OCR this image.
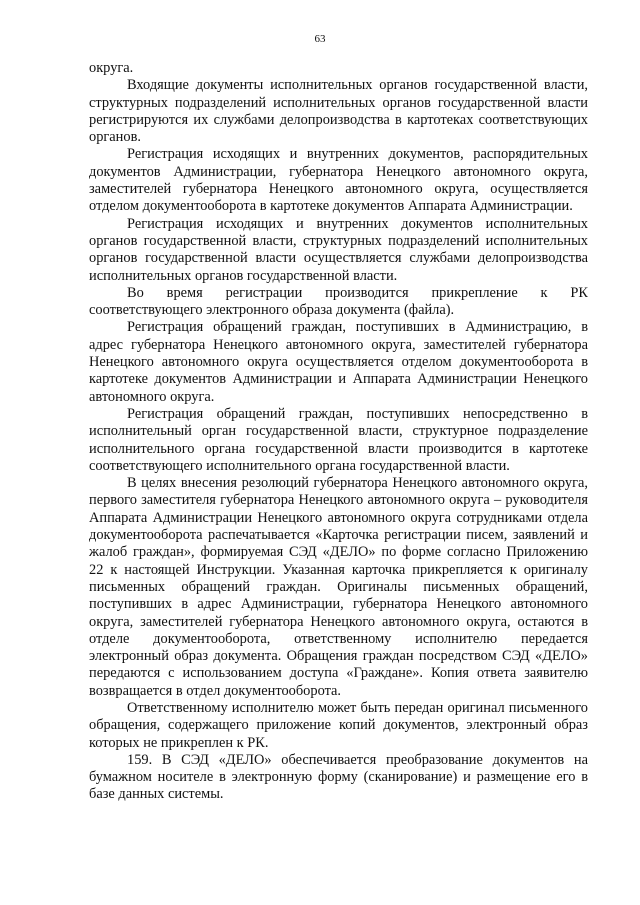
63

округа.

Входящие документы исполнительных органов государственной власти, структурных подразделений исполнительных органов государственной власти регистрируются их службами делопроизводства в картотеках соответствующих органов.

Регистрация исходящих и внутренних документов, распорядительных документов Администрации, губернатора Ненецкого автономного округа, заместителей губернатора Ненецкого автономного округа, осуществляется отделом документооборота в картотеке документов Аппарата Администрации.

Регистрация исходящих и внутренних документов исполнительных органов государственной власти, структурных подразделений исполнительных органов государственной власти осуществляется службами делопроизводства исполнительных органов государственной власти.

Во время регистрации производится прикрепление к РК соответствующего электронного образа документа (файла).

Регистрация обращений граждан, поступивших в Администрацию, в адрес губернатора Ненецкого автономного округа, заместителей губернатора Ненецкого автономного округа осуществляется отделом документооборота в картотеке документов Администрации и Аппарата Администрации Ненецкого автономного округа.

Регистрация обращений граждан, поступивших непосредственно в исполнительный орган государственной власти, структурное подразделение исполнительного органа государственной власти производится в картотеке соответствующего исполнительного органа государственной власти.

В целях внесения резолюций губернатора Ненецкого автономного округа, первого заместителя губернатора Ненецкого автономного округа – руководителя Аппарата Администрации Ненецкого автономного округа сотрудниками отдела документооборота распечатывается «Карточка регистрации писем, заявлений и жалоб граждан», формируемая СЭД «ДЕЛО» по форме согласно Приложению 22 к настоящей Инструкции. Указанная карточка прикрепляется к оригиналу письменных обращений граждан. Оригиналы письменных обращений, поступивших в адрес Администрации, губернатора Ненецкого автономного округа, заместителей губернатора Ненецкого автономного округа, остаются в отделе документооборота, ответственному исполнителю передается электронный образ документа. Обращения граждан посредством СЭД «ДЕЛО» передаются с использованием доступа «Граждане». Копия ответа заявителю возвращается в отдел документооборота.

Ответственному исполнителю может быть передан оригинал письменного обращения, содержащего приложение копий документов, электронный образ которых не прикреплен к РК.

159. В СЭД «ДЕЛО» обеспечивается преобразование документов на бумажном носителе в электронную форму (сканирование) и размещение его в базе данных системы.
